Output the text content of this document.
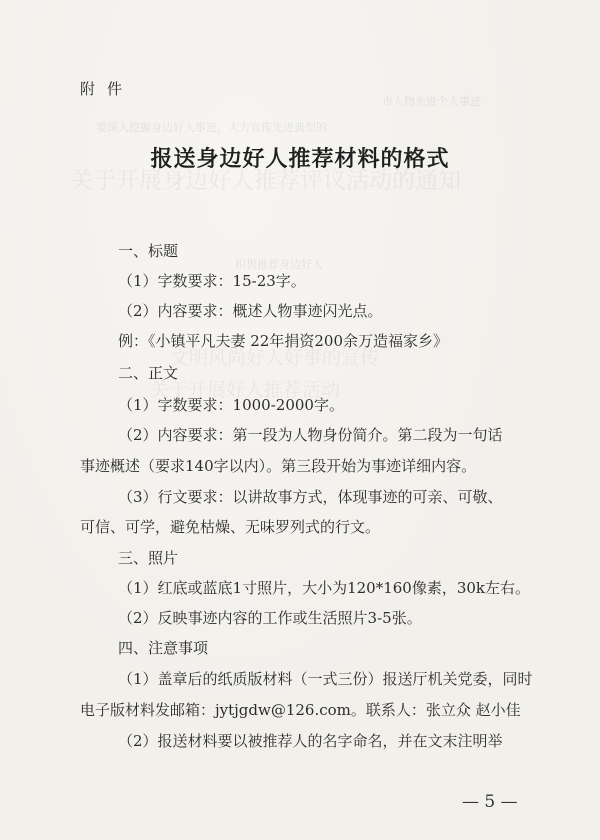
市人物先进个人事迹
要深入挖掘身边好人事迹，大力宣传先进典型的
关于开展身边好人推荐评议活动的通知
积极推荐身边好人
文明风尚好人好事的宣传
关于开展好人推荐活动
附件
报送身边好人推荐材料的格式
一、标题
（1）字数要求：15-23字。
（2）内容要求：概述人物事迹闪光点。
例：《小镇平凡夫妻 22年捐资200余万造福家乡》
二、正文
（1）字数要求：1000-2000字。
（2）内容要求：第一段为人物身份简介。第二段为一句话
事迹概述（要求140字以内）。第三段开始为事迹详细内容。
（3）行文要求：以讲故事方式，体现事迹的可亲、可敬、
可信、可学，避免枯燥、无味罗列式的行文。
三、照片
（1）红底或蓝底1寸照片，大小为120*160像素，30k左右。
（2）反映事迹内容的工作或生活照片3-5张。
四、注意事项
（1）盖章后的纸质版材料（一式三份）报送厅机关党委，同时
电子版材料发邮箱：jytjgdw@126.com。联系人：张立众 赵小佳
（2）报送材料要以被推荐人的名字命名，并在文末注明举
— 5 —
